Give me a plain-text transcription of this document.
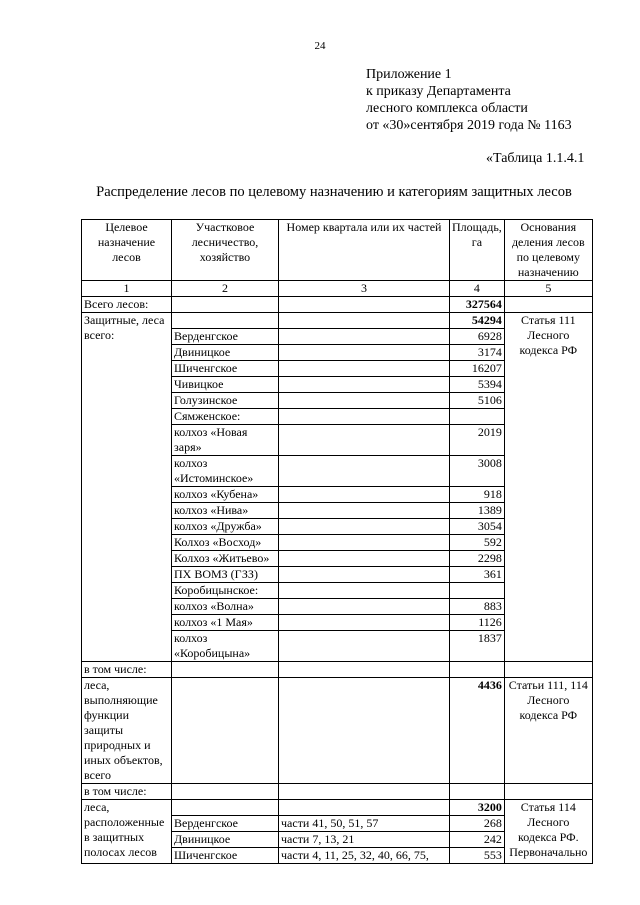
24
Приложение 1
к приказу Департамента
лесного комплекса области
от «30»сентября 2019 года № 1163
«Таблица 1.1.4.1
Распределение лесов по целевому назначению и категориям защитных лесов
Целевое назначение лесов	Участковое лесничество, хозяйство	Номер квартала или их частей	Площадь, га	Основания деления лесов по целевому назначению
1	2	3	4	5
Всего лесов:			327564	
Защитные, леса всего:			54294	Статья 111 Лесного кодекса РФ
	Верденгское		6928	
	Двиницкое		3174	
	Шиченгское		16207	
	Чивицкое		5394	
	Голузинское		5106	
	Сямженское:			
	колхоз «Новая заря»		2019	
	колхоз «Истоминское»		3008	
	колхоз «Кубена»		918	
	колхоз «Нива»		1389	
	колхоз «Дружба»		3054	
	Колхоз «Восход»		592	
	Колхоз «Житьево»		2298	
	ПХ ВОМЗ (ГЗЗ)		361	
	Коробицынское:			
	колхоз «Волна»		883	
	колхоз «1 Мая»		1126	
	колхоз «Коробицына»		1837	
в том числе:				
леса, выполняющие функции защиты природных и иных объектов, всего			4436	Статьи 111, 114 Лесного кодекса РФ
в том числе:				
леса, расположенные в защитных полосах лесов			3200	Статья 114 Лесного кодекса РФ. Первоначально
	Верденгское	части 41, 50, 51, 57	268	
	Двиницкое	части 7, 13, 21	242	
	Шиченгское	части 4, 11, 25, 32, 40, 66, 75,	553	
